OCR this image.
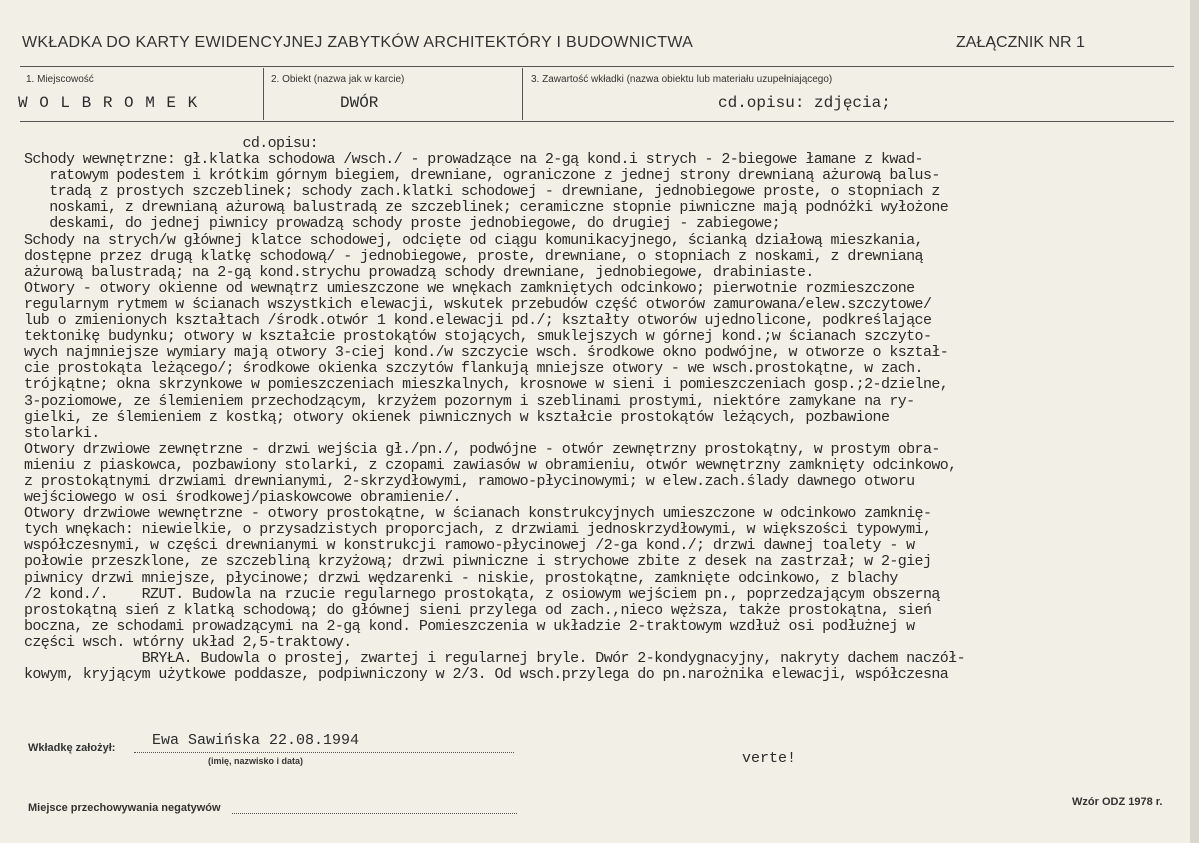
WKŁADKA DO KARTY EWIDENCYJNEJ ZABYTKÓW ARCHITEKTÓRY I BUDOWNICTWA	ZAŁĄCZNIK NR 1
1. Miejscowość
W O L B R O M E K
2. Obiekt (nazwa jak w karcie)
DWÓR
3. Zawartość wkładki (nazwa obiektu lub materiału uzupełniającego)
cd.opisu: zdjęcia;
cd.opisu:
Schody wewnętrzne: gł.klatka schodowa /wsch./ - prowadzące na 2-gą kond.i strych - 2-biegowe łamane z kwad-
ratowym podestem i krótkim górnym biegiem, drewniane, ograniczone z jednej strony drewnianą ażurową balus-
tradą z prostych szczeblinek; schody zach.klatki schodowej - drewniane, jednobiegowe proste, o stopniach z
noskami, z drewnianą ażurową balustradą ze szczeblinek; ceramiczne stopnie piwniczne mają podnóżki wyłożone
deskami, do jednej piwnicy prowadzą schody proste jednobiegowe, do drugiej - zabiegowe;
Schody na strych/w głównej klatce schodowej, odcięte od ciągu komunikacyjnego, ścianką działową mieszkania,
dostępne przez drugą klatkę schodową/ - jednobiegowe, proste, drewniane, o stopniach z noskami, z drewnianą
ażurową balustradą; na 2-gą kond.strychu prowadzą schody drewniane, jednobiegowe, drabiniaste.
Otwory - otwory okienne od wewnątrz umieszczone we wnękach zamkniętych odcinkowo; pierwotnie rozmieszczone
regularnym rytmem w ścianach wszystkich elewacji, wskutek przebudów część otworów zamurowana/elew.szczytowe/
lub o zmienionych kształtach /środk.otwór 1 kond.elewacji pd./; kształty otworów ujednolicone, podkreślające
tektonikę budynku; otwory w kształcie prostokątów stojących, smuklejszych w górnej kond.;w ścianach szczyto-
wych najmniejsze wymiary mają otwory 3-ciej kond./w szczycie wsch. środkowe okno podwójne, w otworze o kształ-
cie prostokąta leżącego/; środkowe okienka szczytów flankują mniejsze otwory - we wsch.prostokątne, w zach.
trójkątne; okna skrzynkowe w pomieszczeniach mieszkalnych, krosnowe w sieni i pomieszczeniach gosp.;2-dzielne,
3-poziomowe, ze ślemieniem przechodzącym, krzyżem pozornym i szeblinami prostymi, niektóre zamykane na ry-
gielki, ze ślemieniem z kostką; otwory okienek piwnicznych w kształcie prostokątów leżących, pozbawione
stolarki.
Otwory drzwiowe zewnętrzne - drzwi wejścia gł./pn./, podwójne - otwór zewnętrzny prostokątny, w prostym obra-
mieniu z piaskowca, pozbawiony stolarki, z czopami zawiasów w obramieniu, otwór wewnętrzny zamknięty odcinkowo,
z prostokątnymi drzwiami drewnianymi, 2-skrzydłowymi, ramowo-płycinowymi; w elew.zach.ślady dawnego otworu
wejściowego w osi środkowej/piaskowcowe obramienie/.
Otwory drzwiowe wewnętrzne - otwory prostokątne, w ścianach konstrukcyjnych umieszczone w odcinkowo zamknię-
tych wnękach: niewielkie, o przysadzistych proporcjach, z drzwiami jednoskrzydłowymi, w większości typowymi,
współczesnymi, w części drewnianymi w konstrukcji ramowo-płycinowej /2-ga kond./; drzwi dawnej toalety - w
połowie przeszklone, ze szczebliną krzyżową; drzwi piwniczne i strychowe zbite z desek na zastrzał; w 2-giej
piwnicy drzwi mniejsze, płycinowe; drzwi wędzarenki - niskie, prostokątne, zamknięte odcinkowo, z blachy
/2 kond./.    RZUT. Budowla na rzucie regularnego prostokąta, z osiowym wejściem pn., poprzedzającym obszerną
prostokątną sień z klatką schodową; do głównej sieni przylega od zach.,nieco węższa, także prostokątna, sień
boczna, ze schodami prowadzącymi na 2-gą kond. Pomieszczenia w układzie 2-traktowym wzdłuż osi podłużnej w
części wsch. wtórny układ 2,5-traktowy.
BRYŁA. Budowla o prostej, zwartej i regularnej bryle. Dwór 2-kondygnacyjny, nakryty dachem naczół-
kowym, kryjącym użytkowe poddasze, podpiwniczony w 2/3. Od wsch.przylega do pn.narożnika elewacji, współczesna
Wkładkę założył: Ewa Sawińska 22.08.1994
(imię, nazwisko i data)	verte!
Miejsce przechowywania negatywów	Wzór ODZ 1978 r.
